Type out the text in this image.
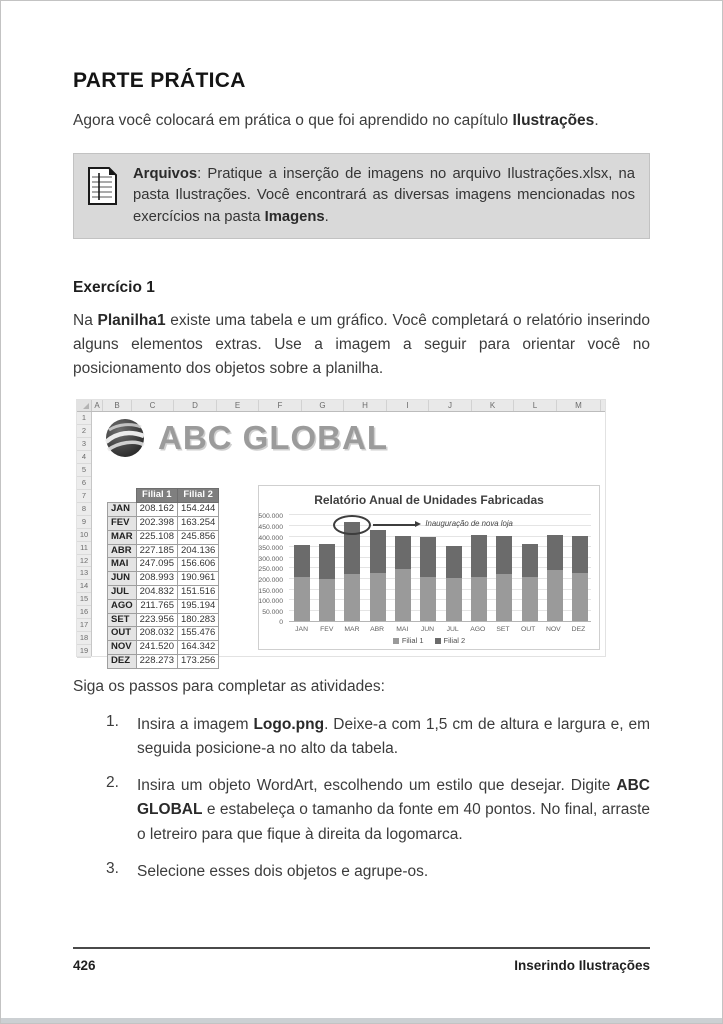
PARTE PRÁTICA

Agora você colocará em prática o que foi aprendido no capítulo Ilustrações.

Arquivos: Pratique a inserção de imagens no arquivo Ilustrações.xlsx, na pasta Ilustrações. Você encontrará as diversas imagens mencionadas nos exercícios na pasta Imagens.

Exercício 1

Na Planilha1 existe uma tabela e um gráfico. Você completará o relatório inserindo alguns elementos extras. Use a imagem a seguir para orientar você no posicionamento dos objetos sobre a planilha.

A	B	C	D	E	F	G	H	I	J	K	L	M
1
2
3
4
5
6
7
8
9
10
11
12
13
14
15
16
17
18
19
ABC GLOBAL
	Filial 1	Filial 2
JAN	208.162	154.244
FEV	202.398	163.254
MAR	225.108	245.856
ABR	227.185	204.136
MAI	247.095	156.606
JUN	208.993	190.961
JUL	204.832	151.516
AGO	211.765	195.194
SET	223.956	180.283
OUT	208.032	155.476
NOV	241.520	164.342
DEZ	228.273	173.256
Relatório Anual de Unidades Fabricadas
0
50.000
100.000
150.000
200.000
250.000
300.000
350.000
400.000
450.000
500.000
Inauguração de nova loja
JAN	FEV	MAR	ABR	MAI	JUN	JUL	AGO	SET	OUT	NOV	DEZ
Filial 1	Filial 2

Siga os passos para completar as atividades:

1.	Insira a imagem Logo.png. Deixe-a com 1,5 cm de altura e largura e, em seguida posicione-a no alto da tabela.
2.	Insira um objeto WordArt, escolhendo um estilo que desejar. Digite ABC GLOBAL e estabeleça o tamanho da fonte em 40 pontos. No final, arraste o letreiro para que fique à direita da logomarca.
3.	Selecione esses dois objetos e agrupe-os.
426	Inserindo Ilustrações
